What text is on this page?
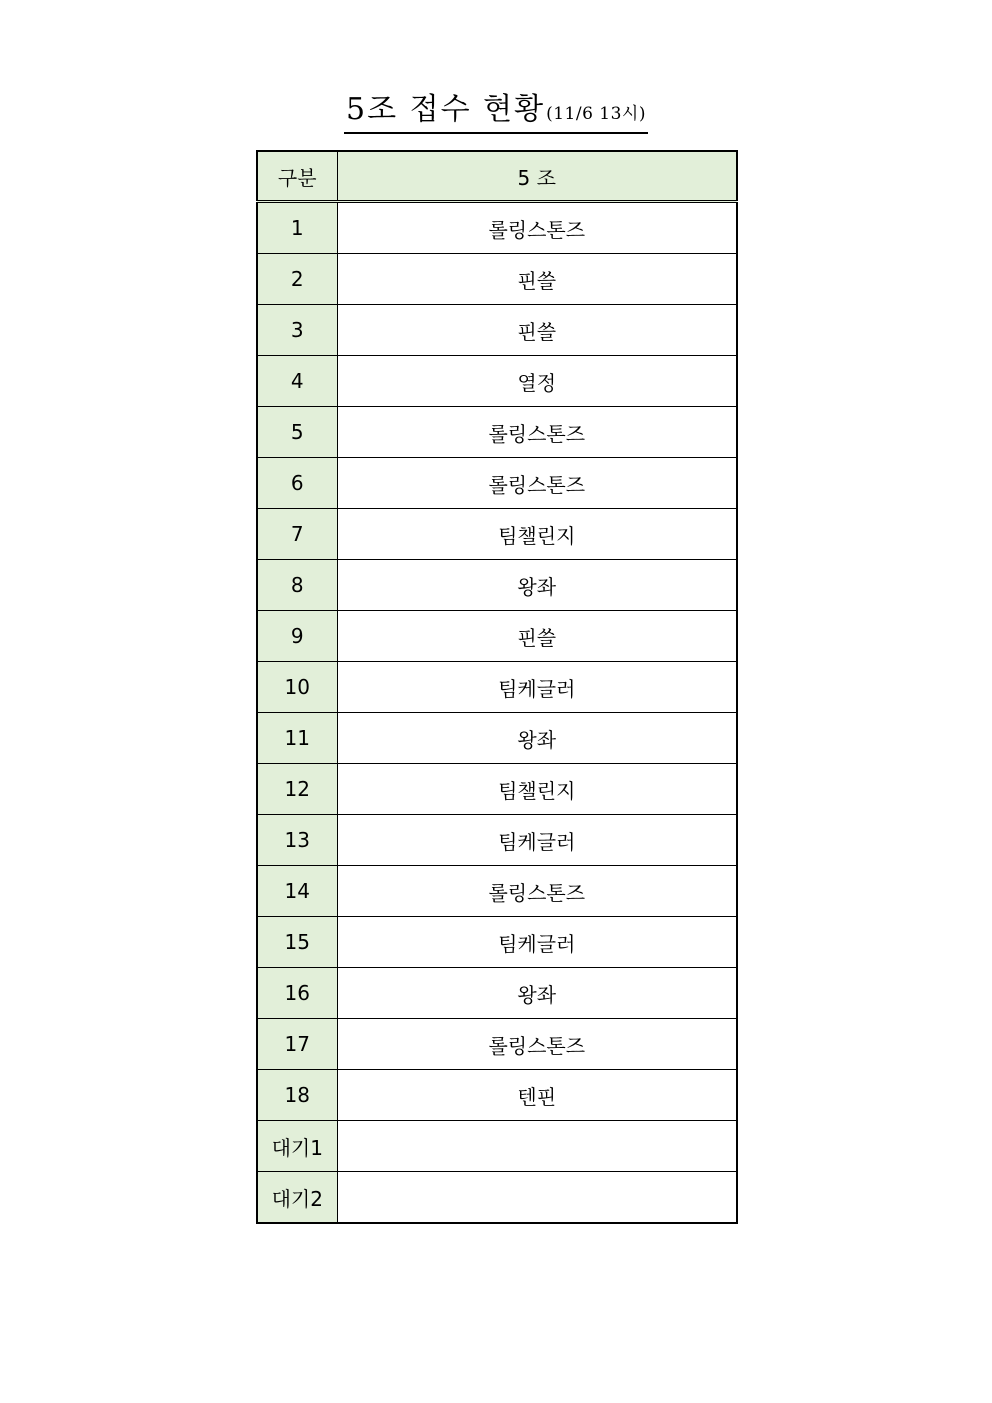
5조 접수 현황(11/6 13시)
구분	5 조
1	롤링스톤즈
2	핀쓸
3	핀쓸
4	열정
5	롤링스톤즈
6	롤링스톤즈
7	팀챌린지
8	왕좌
9	핀쓸
10	팀케글러
11	왕좌
12	팀챌린지
13	팀케글러
14	롤링스톤즈
15	팀케글러
16	왕좌
17	롤링스톤즈
18	텐핀
대기1	
대기2	
